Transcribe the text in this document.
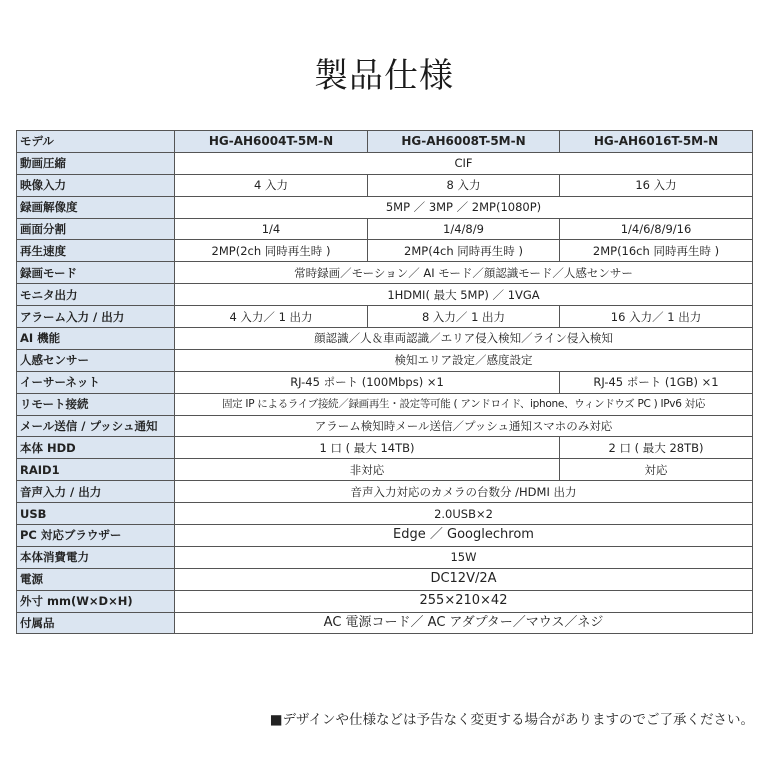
製品仕様
モデル	HG-AH6004T-5M-N	HG-AH6008T-5M-N	HG-AH6016T-5M-N
動画圧縮	CIF		
映像入力	4 入力	8 入力	16 入力
録画解像度	5MP ／ 3MP ／ 2MP(1080P)		
画面分割	1/4	1/4/8/9	1/4/6/8/9/16
再生速度	2MP(2ch 同時再生時 )	2MP(4ch 同時再生時 )	2MP(16ch 同時再生時 )
録画モード	常時録画／モーション／ AI モード／顔認識モード／人感センサー		
モニタ出力	1HDMI( 最大 5MP) ／ 1VGA		
アラーム入力 / 出力	4 入力／ 1 出力	8 入力／ 1 出力	16 入力／ 1 出力
AI 機能	顔認識／人＆車両認識／エリア侵入検知／ライン侵入検知		
人感センサー	検知エリア設定／感度設定		
イーサーネット	RJ-45 ポート (100Mbps) ×1		RJ-45 ポート (1GB) ×1
リモート接続	固定 IP によるライブ接続／録画再生・設定等可能 ( アンドロイド、iphone、ウィンドウズ PC ) IPv6 対応		
メール送信 / プッシュ通知	アラーム検知時メール送信／プッシュ通知スマホのみ対応		
本体 HDD	1 口 ( 最大 14TB)		2 口 ( 最大 28TB)
RAID1	非対応		対応
音声入力 / 出力	音声入力対応のカメラの台数分 /HDMI 出力		
USB	2.0USB×2		
PC 対応ブラウザー	Edge ／ Googlechrom		
本体消費電力	15W		
電源	DC12V/2A		
外寸 mm(W×D×H)	255×210×42		
付属品	AC 電源コード／ AC アダプター／マウス／ネジ		
■デザインや仕様などは予告なく変更する場合がありますのでご了承ください。
